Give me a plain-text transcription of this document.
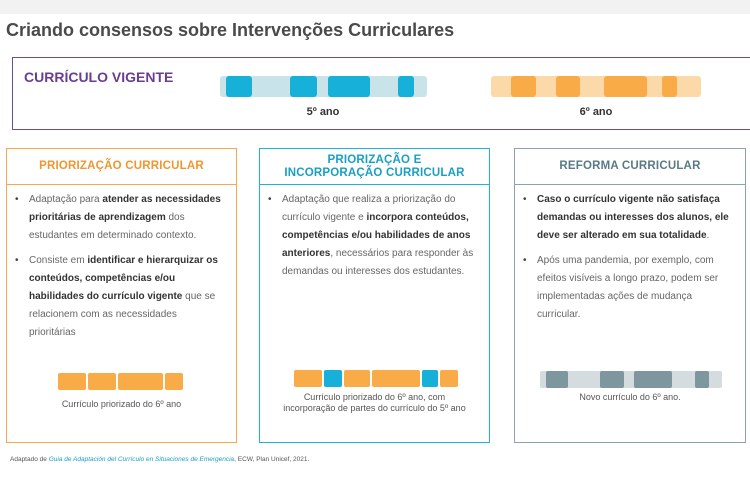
Criando consensos sobre Intervenções Curriculares
CURRÍCULO VIGENTE
5º ano	6º ano
PRIORIZAÇÃO CURRICULAR
• Adaptação para atender as necessidades prioritárias de aprendizagem dos estudantes em determinado contexto.
• Consiste em identificar e hierarquizar os conteúdos, competências e/ou habilidades do currículo vigente que se relacionem com as necessidades prioritárias
Currículo priorizado do 6º ano
PRIORIZAÇÃO E
INCORPORAÇÃO CURRICULAR
• Adaptação que realiza a priorização do currículo vigente e incorpora conteúdos, competências e/ou habilidades de anos anteriores, necessários para responder às demandas ou interesses dos estudantes.
Currículo priorizado do 6º ano, com
incorporação de partes do currículo do 5º ano
REFORMA CURRICULAR
• Caso o currículo vigente não satisfaça demandas ou interesses dos alunos, ele deve ser alterado em sua totalidade.
• Após uma pandemia, por exemplo, com efeitos visíveis a longo prazo, podem ser implementadas ações de mudança curricular.
Novo currículo do 6º ano.
Adaptado de Guia de Adaptación del Currículo en Situaciones de Emergencia, ECW, Plan Unicef, 2021.
